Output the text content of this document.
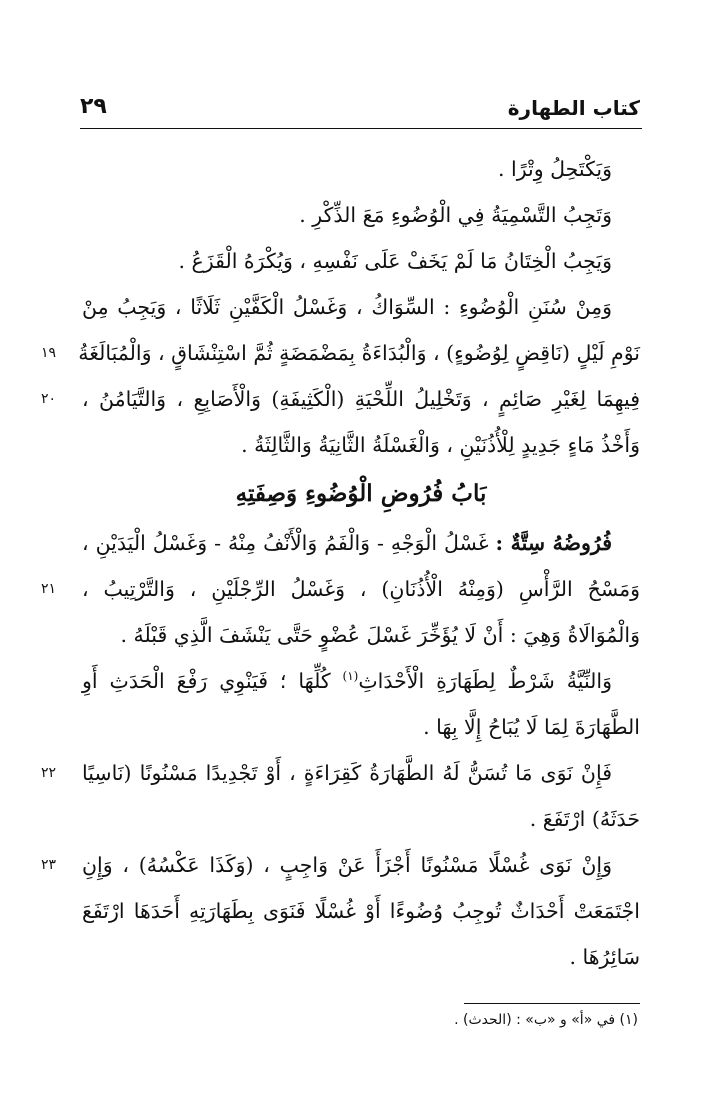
كتاب الطهارة
٢٩
وَيَكْتَحِلُ وِتْرًا .
وَتَجِبُ التَّسْمِيَةُ فِي الْوُضُوءِ مَعَ الذِّكْرِ .
وَيَجِبُ الْخِتَانُ مَا لَمْ يَخَفْ عَلَى نَفْسِهِ ، وَيُكْرَهُ الْقَزَعُ .
وَمِنْ سُنَنِ الْوُضُوءِ : السِّوَاكُ ، وَغَسْلُ الْكَفَّيْنِ ثَلَاثًا ، وَيَجِبُ مِنْ
١٩ نَوْمِ لَيْلٍ (نَاقِضٍ لِوُضُوءٍ) ، وَالْبُدَاءَةُ بِمَضْمَضَةٍ ثُمَّ اسْتِنْشَاقٍ ، وَالْمُبَالَغَةُ
٢٠ فِيهِمَا لِغَيْرِ صَائِمٍ ، وَتَخْلِيلُ اللِّحْيَةِ (الْكَثِيفَةِ) وَالْأَصَابِعِ ، وَالتَّيَامُنُ ،
وَأَخْذُ مَاءٍ جَدِيدٍ لِلْأُذُنَيْنِ ، وَالْغَسْلَةُ الثَّانِيَةُ وَالثَّالِثَةُ .
بَابُ فُرُوضِ الْوُضُوءِ وَصِفَتِهِ
فُرُوضُهُ سِتَّةٌ : غَسْلُ الْوَجْهِ - وَالْفَمُ وَالْأَنْفُ مِنْهُ - وَغَسْلُ الْيَدَيْنِ ،
٢١ وَمَسْحُ الرَّأْسِ (وَمِنْهُ الْأُذُنَانِ) ، وَغَسْلُ الرِّجْلَيْنِ ، وَالتَّرْتِيبُ ،
وَالْمُوَالَاةُ وَهِيَ : أَنْ لَا يُؤَخِّرَ غَسْلَ عُضْوٍ حَتَّى يَنْشَفَ الَّذِي قَبْلَهُ .
وَالنِّيَّةُ شَرْطٌ لِطَهَارَةِ الْأَحْدَاثِ$^{(١)}$ كُلِّهَا ؛ فَيَنْوِي رَفْعَ الْحَدَثِ أَوِ
الطَّهَارَةَ لِمَا لَا يُبَاحُ إِلَّا بِهَا .
٢٢ فَإِنْ نَوَى مَا تُسَنُّ لَهُ الطَّهَارَةُ كَقِرَاءَةٍ ، أَوْ تَجْدِيدًا مَسْنُونًا (نَاسِيًا
حَدَثَهُ) ارْتَفَعَ .
٢٣ وَإِنْ نَوَى غُسْلًا مَسْنُونًا أَجْزَأَ عَنْ وَاجِبٍ ، (وَكَذَا عَكْسُهُ) ، وَإِنِ
اجْتَمَعَتْ أَحْدَاثٌ تُوجِبُ وُضُوءًا أَوْ غُسْلًا فَنَوَى بِطَهَارَتِهِ أَحَدَهَا ارْتَفَعَ
سَائِرُهَا .
(١) في «أ» و «ب» : (الحدث) .
